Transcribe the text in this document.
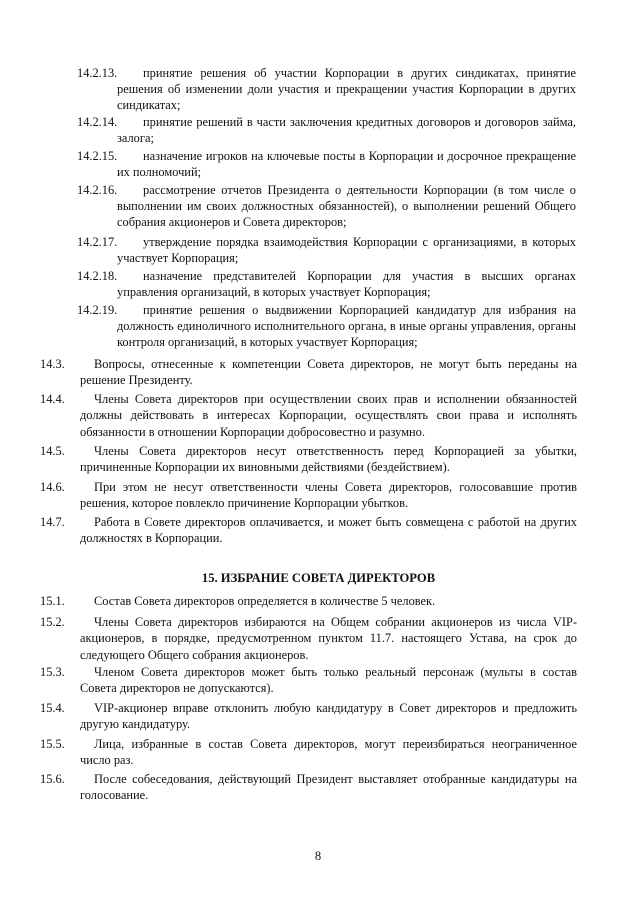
14.2.13. принятие решения об участии Корпорации в других синдикатах, принятие решения об изменении доли участия и прекращении участия Корпорации в других синдикатах;
14.2.14. принятие решений в части заключения кредитных договоров и договоров займа, залога;
14.2.15. назначение игроков на ключевые посты в Корпорации и досрочное прекращение их полномочий;
14.2.16. рассмотрение отчетов Президента о деятельности Корпорации (в том числе о выполнении им своих должностных обязанностей), о выполнении решений Общего собрания акционеров и Совета директоров;
14.2.17. утверждение порядка взаимодействия Корпорации с организациями, в которых участвует Корпорация;
14.2.18. назначение представителей Корпорации для участия в высших органах управления организаций, в которых участвует Корпорация;
14.2.19. принятие решения о выдвижении Корпорацией кандидатур для избрания на должность единоличного исполнительного органа, в иные органы управления, органы контроля организаций, в которых участвует Корпорация;
14.3. Вопросы, отнесенные к компетенции Совета директоров, не могут быть переданы на решение Президенту.
14.4. Члены Совета директоров при осуществлении своих прав и исполнении обязанностей должны действовать в интересах Корпорации, осуществлять свои права и исполнять обязанности в отношении Корпорации добросовестно и разумно.
14.5. Члены Совета директоров несут ответственность перед Корпорацией за убытки, причиненные Корпорации их виновными действиями (бездействием).
14.6. При этом не несут ответственности члены Совета директоров, голосовавшие против решения, которое повлекло причинение Корпорации убытков.
14.7. Работа в Совете директоров оплачивается, и может быть совмещена с работой на других должностях в Корпорации.
15. ИЗБРАНИЕ СОВЕТА ДИРЕКТОРОВ
15.1. Состав Совета директоров определяется в количестве 5 человек.
15.2. Члены Совета директоров избираются на Общем собрании акционеров из числа VIP-акционеров, в порядке, предусмотренном пунктом 11.7. настоящего Устава, на срок до следующего Общего собрания акционеров.
15.3. Членом Совета директоров может быть только реальный персонаж (мульты в состав Совета директоров не допускаются).
15.4. VIP-акционер вправе отклонить любую кандидатуру в Совет директоров и предложить другую кандидатуру.
15.5. Лица, избранные в состав Совета директоров, могут переизбираться неограниченное число раз.
15.6. После собеседования, действующий Президент выставляет отобранные кандидатуры на голосование.
8
